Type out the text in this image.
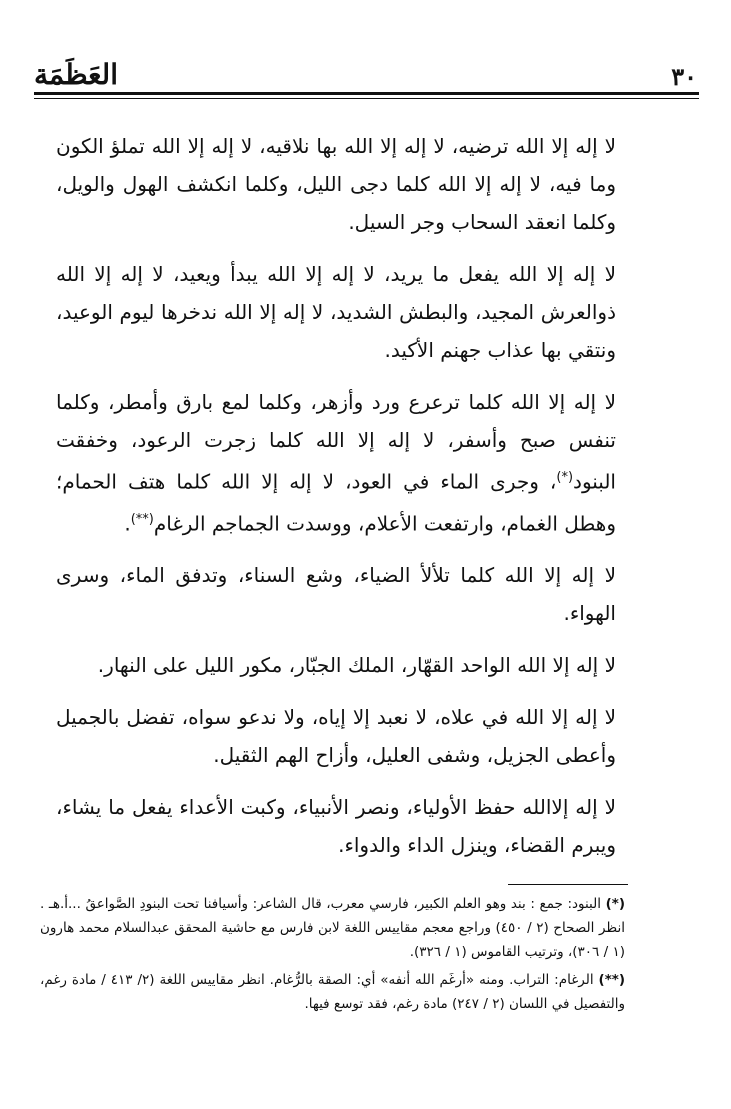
٣٠
العَظَمَة

لا إله إلا الله ترضيه، لا إله إلا الله بها نلاقيه، لا إله إلا الله تملؤ الكون وما فيه، لا إله إلا الله كلما دجى الليل، وكلما انكشف الهول والويل، وكلما انعقد السحاب وجر السيل.

لا إله إلا الله يفعل ما يريد، لا إله إلا الله يبدأ ويعيد، لا إله إلا الله ذوالعرش المجيد، والبطش الشديد، لا إله إلا الله ندخرها ليوم الوعيد، ونتقي بها عذاب جهنم الأكيد.

لا إله إلا الله كلما ترعرع ورد وأزهر، وكلما لمع بارق وأمطر، وكلما تنفس صبح وأسفر، لا إله إلا الله كلما زجرت الرعود، وخفقت البنود(*)، وجرى الماء في العود، لا إله إلا الله كلما هتف الحمام؛ وهطل الغمام، وارتفعت الأعلام، ووسدت الجماجم الرغام(**).

لا إله إلا الله كلما تلألأ الضياء، وشع السناء، وتدفق الماء، وسرى الهواء.

لا إله إلا الله الواحد القهّار، الملك الجبّار، مكور الليل على النهار.

لا إله إلا الله في علاه، لا نعبد إلا إياه، ولا ندعو سواه، تفضل بالجميل وأعطى الجزيل، وشفى العليل، وأزاح الهم الثقيل.

لا إله إلاالله حفظ الأولياء، ونصر الأنبياء، وكبت الأعداء يفعل ما يشاء، ويبرم القضاء، وينزل الداء والدواء.

(*) البنود: جمع : بند وهو العلم الكبير، فارسي معرب، قال الشاعر: وأسيافنا تحت البنودِ الصَّواعقُ ...أ.هـ . انظر الصحاح (٢ / ٤٥٠) وراجع معجم مقاييس اللغة لابن فارس مع حاشية المحقق عبدالسلام محمد هارون (١ / ٣٠٦)، وترتيب القاموس (١ / ٣٢٦).

(**) الرغام: التراب. ومنه «أرغَم الله أنفه» أي: الصقة بالرُّغام. انظر مقاييس اللغة (٢/ ٤١٣ / مادة رغم، والتفصيل في اللسان (٢ / ٢٤٧) مادة رغم، فقد توسع فيها.
